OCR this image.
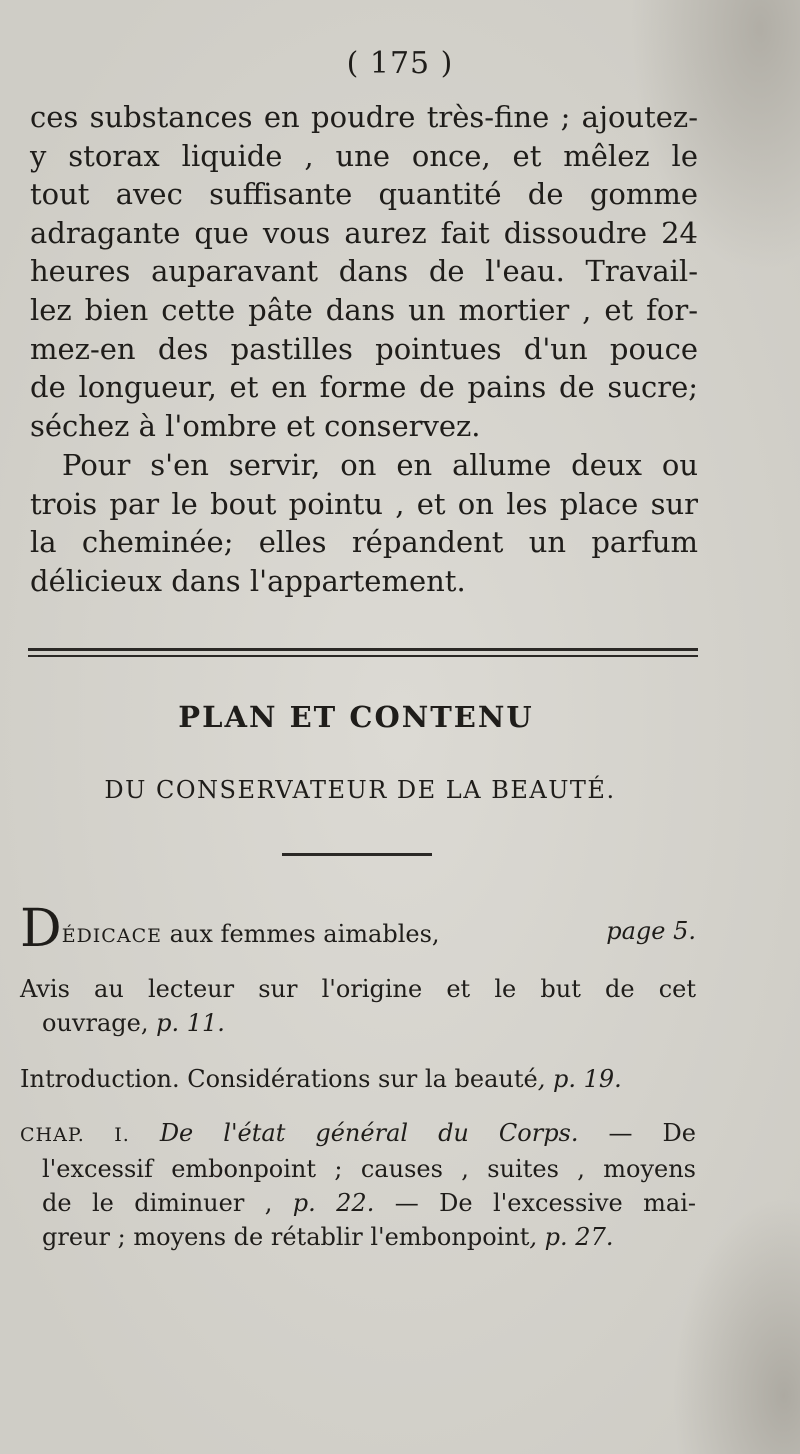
( 175 )
ces substances en poudre très-fine ; ajoutez-
y storax liquide , une once, et mêlez le
tout avec suffisante quantité de gomme
adragante que vous aurez fait dissoudre 24
heures auparavant dans de l'eau. Travail-
lez bien cette pâte dans un mortier , et for-
mez-en des pastilles pointues d'un pouce
de longueur, et en forme de pains de sucre;
séchez à l'ombre et conservez.
Pour s'en servir, on en allume deux ou
trois par le bout pointu , et on les place sur
la cheminée; elles répandent un parfum
délicieux dans l'appartement.
PLAN ET CONTENU
DU CONSERVATEUR DE LA BEAUTÉ.
DÉDICACE aux femmes aimables,	page 5.
Avis au lecteur sur l'origine et le but de cet
ouvrage, p. 11.
Introduction. Considérations sur la beauté, p. 19.
CHAP. I. De l'état général du Corps. — De
l'excessif embonpoint ; causes , suites , moyens
de le diminuer , p. 22. — De l'excessive mai-
greur ; moyens de rétablir l'embonpoint, p. 27.
